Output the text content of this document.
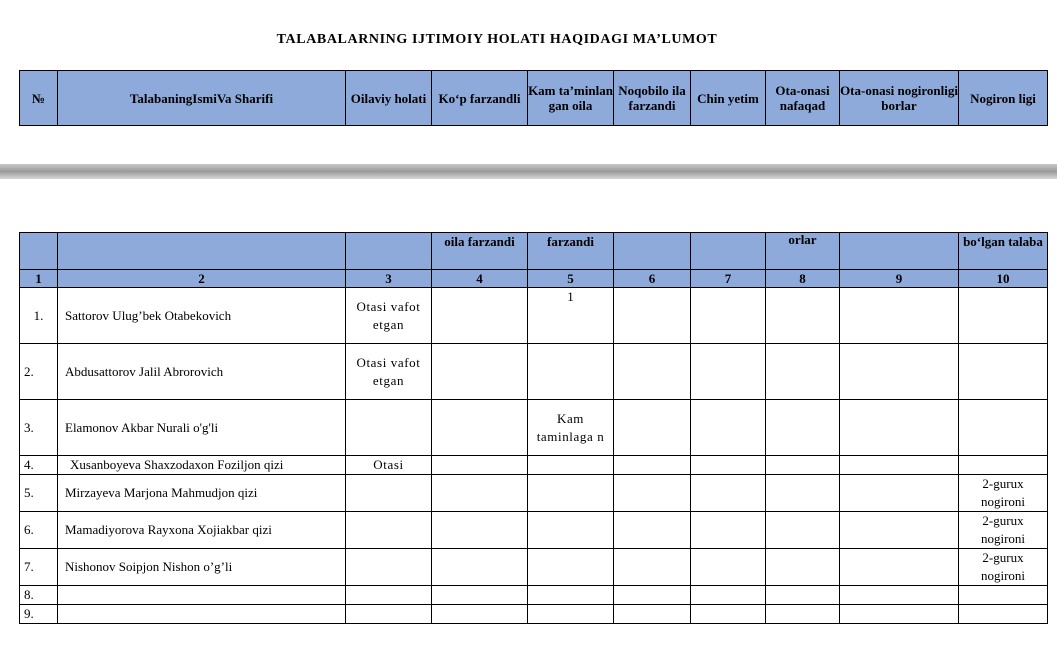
TALABALARNING IJTIMOIY HOLATI HAQIDAGI MA’LUMOT
№	TalabaningIsmiVa Sharifi	Oilaviy holati	Ko‘p farzandli	Kam ta’minlan gan oila	Noqobilo ila farzandi	Chin yetim	Ota-onasi nafaqad	Ota-onasi nogironligi borlar	Nogiron ligi
			oila farzandi	farzandi			orlar		bo‘lgan talaba
1	2	3	4	5	6	7	8	9	10
1.	Sattorov Ulug’bek Otabekovich	Otasi vafot etgan		1					
2.	Abdusattorov Jalil Abrorovich	Otasi vafot etgan							
3.	Elamonov Akbar Nurali o'g'li			Kam taminlaga n					
4.	Xusanboyeva Shaxzodaxon Foziljon qizi	Otasi							
5.	Mirzayeva Marjona Mahmudjon qizi								2-gurux nogironi
6.	Mamadiyorova Rayxona Xojiakbar qizi								2-gurux nogironi
7.	Nishonov Soipjon Nishon o’g’li								2-gurux nogironi
8.									
9.									
